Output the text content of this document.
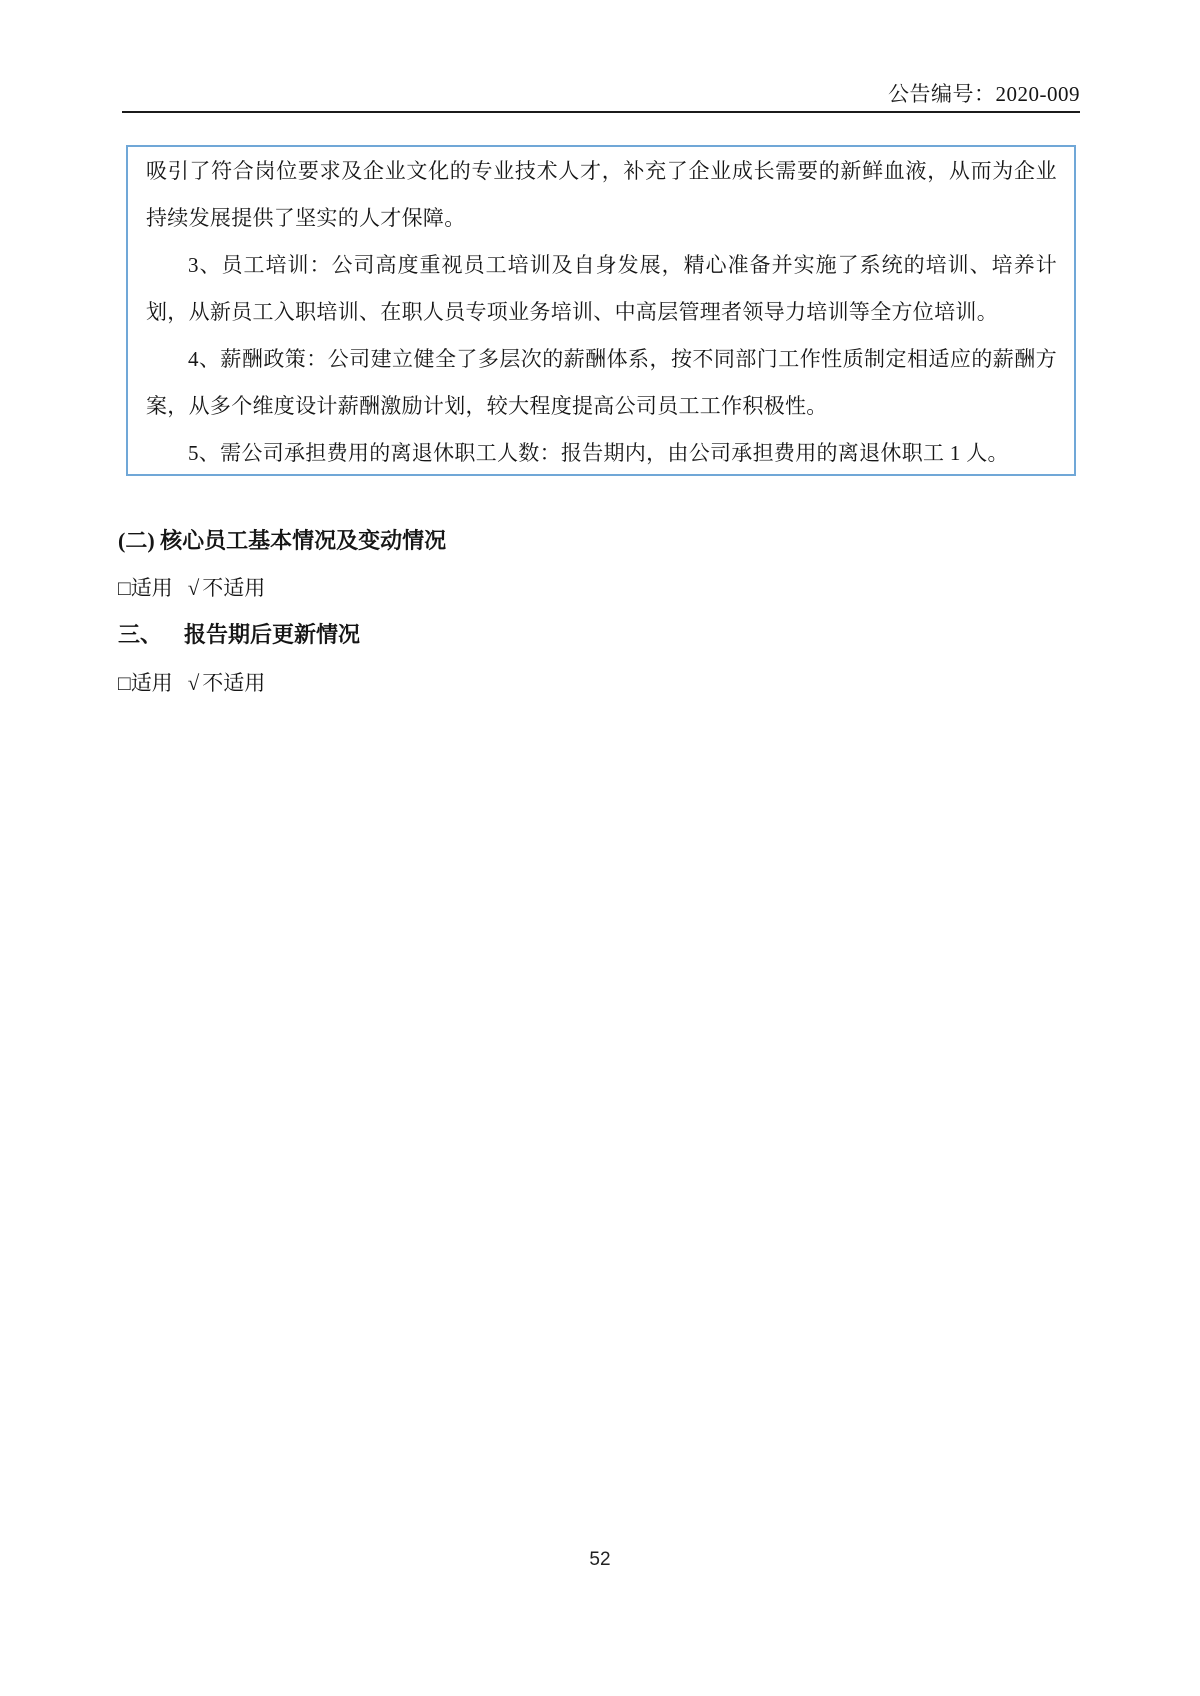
公告编号：2020-009

吸引了符合岗位要求及企业文化的专业技术人才，补充了企业成长需要的新鲜血液，从而为企业持续发展提供了坚实的人才保障。

3、员工培训：公司高度重视员工培训及自身发展，精心准备并实施了系统的培训、培养计划，从新员工入职培训、在职人员专项业务培训、中高层管理者领导力培训等全方位培训。

4、薪酬政策：公司建立健全了多层次的薪酬体系，按不同部门工作性质制定相适应的薪酬方案，从多个维度设计薪酬激励计划，较大程度提高公司员工工作积极性。

5、需公司承担费用的离退休职工人数：报告期内，由公司承担费用的离退休职工 1 人。

(二) 核心员工基本情况及变动情况
□适用 √ 不适用
三、 报告期后更新情况
□适用 √ 不适用
52
